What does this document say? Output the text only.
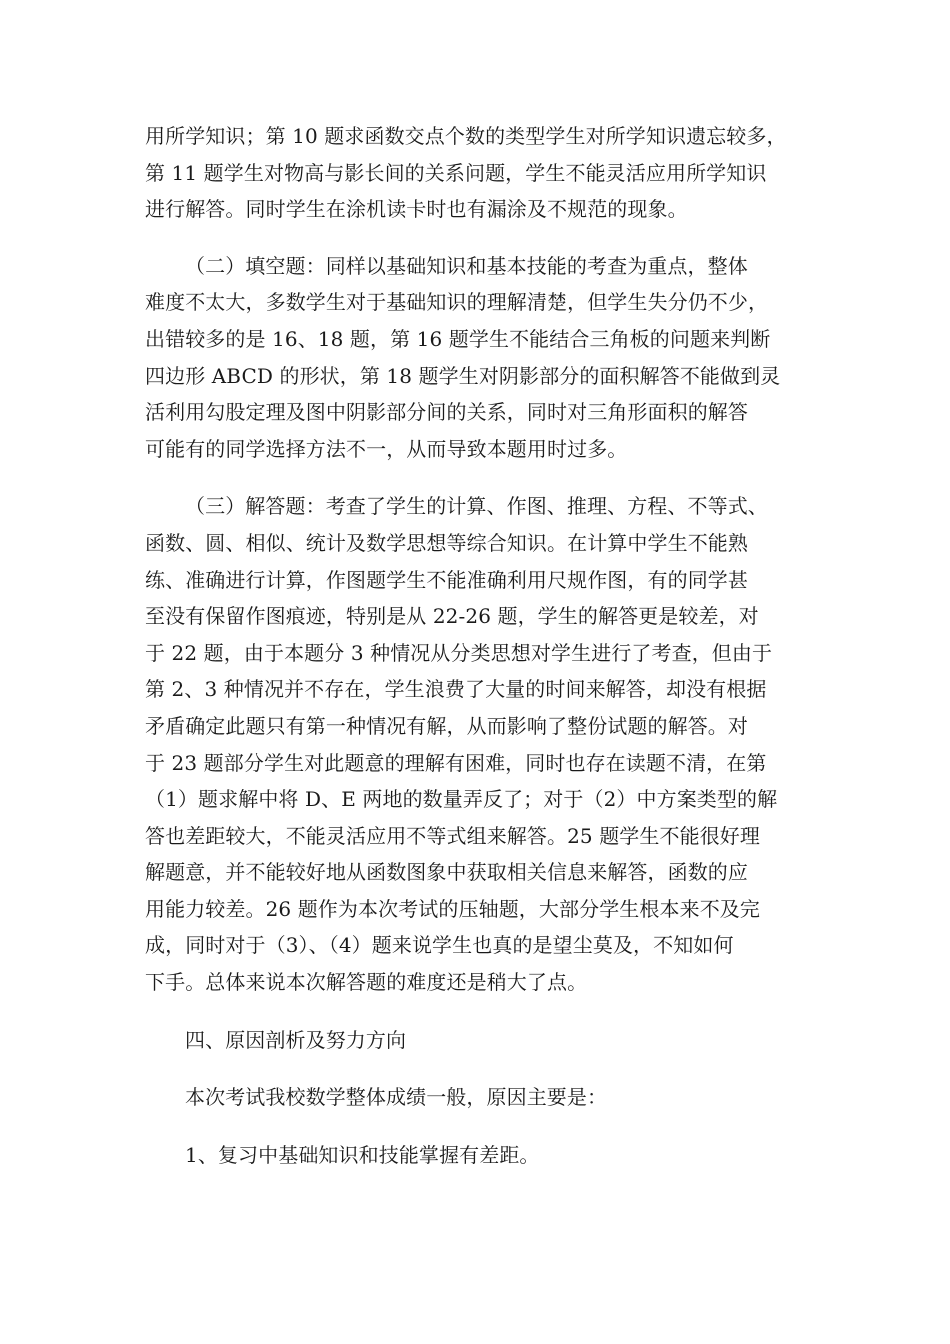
用所学知识；第 10 题求函数交点个数的类型学生对所学知识遗忘较多，
第 11 题学生对物高与影长间的关系问题，学生不能灵活应用所学知识
进行解答。同时学生在涂机读卡时也有漏涂及不规范的现象。

（二）填空题：同样以基础知识和基本技能的考查为重点，整体
难度不太大，多数学生对于基础知识的理解清楚，但学生失分仍不少，
出错较多的是 16、18 题，第 16 题学生不能结合三角板的问题来判断
四边形 ABCD 的形状，第 18 题学生对阴影部分的面积解答不能做到灵
活利用勾股定理及图中阴影部分间的关系，同时对三角形面积的解答
可能有的同学选择方法不一，从而导致本题用时过多。

（三）解答题：考查了学生的计算、作图、推理、方程、不等式、
函数、圆、相似、统计及数学思想等综合知识。在计算中学生不能熟
练、准确进行计算，作图题学生不能准确利用尺规作图，有的同学甚
至没有保留作图痕迹，特别是从 22-26 题，学生的解答更是较差，对
于 22 题，由于本题分 3 种情况从分类思想对学生进行了考查，但由于
第 2、3 种情况并不存在，学生浪费了大量的时间来解答，却没有根据
矛盾确定此题只有第一种情况有解，从而影响了整份试题的解答。对
于 23 题部分学生对此题意的理解有困难，同时也存在读题不清，在第
（1）题求解中将 D、E 两地的数量弄反了；对于（2）中方案类型的解
答也差距较大，不能灵活应用不等式组来解答。25 题学生不能很好理
解题意，并不能较好地从函数图象中获取相关信息来解答，函数的应
用能力较差。26 题作为本次考试的压轴题，大部分学生根本来不及完
成，同时对于（3）、（4）题来说学生也真的是望尘莫及，不知如何
下手。总体来说本次解答题的难度还是稍大了点。

四、原因剖析及努力方向

本次考试我校数学整体成绩一般，原因主要是：

1、复习中基础知识和技能掌握有差距。
